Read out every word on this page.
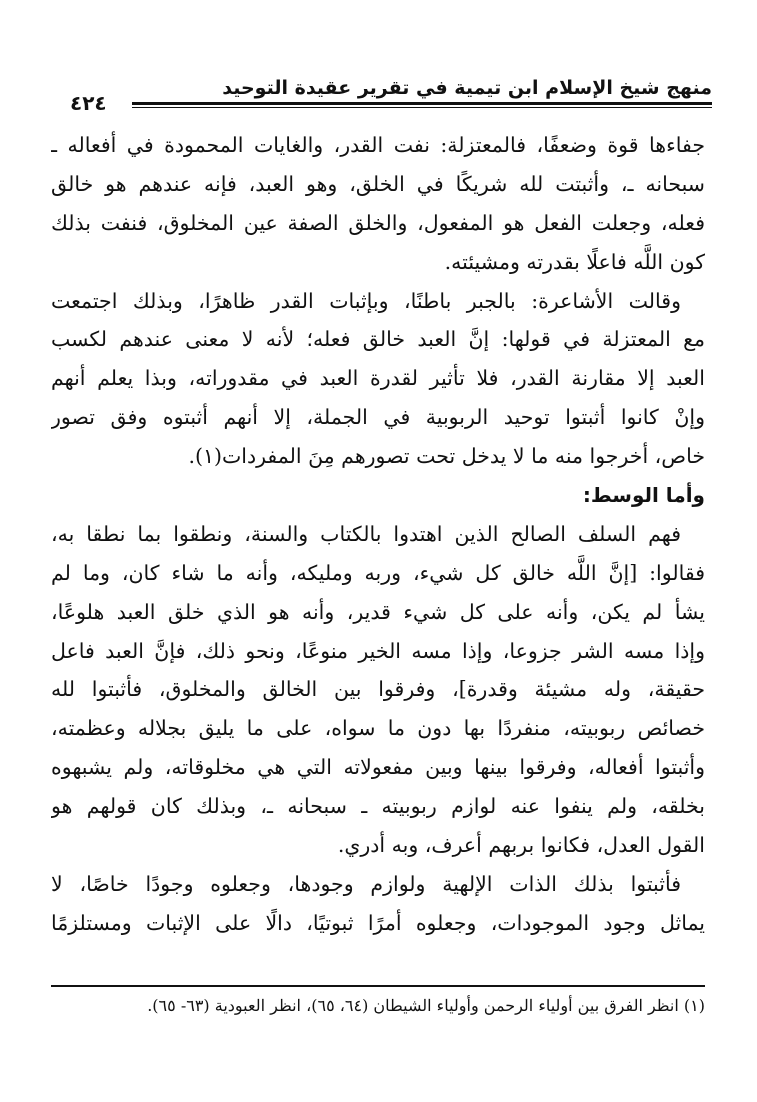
منهج شيخ الإسلام ابن تيمية في تقرير عقيدة التوحيد
٤٢٤
جفاءها قوة وضعفًا، فالمعتزلة: نفت القدر، والغايات المحمودة في أفعاله ـ
سبحانه ـ، وأثبتت لله شريكًا في الخلق، وهو العبد، فإنه عندهم هو خالق
فعله، وجعلت الفعل هو المفعول، والخلق الصفة عين المخلوق، فنفت بذلك
كون اللَّه فاعلًا بقدرته ومشيئته.
وقالت الأشاعرة: بالجبر باطنًا، وبإثبات القدر ظاهرًا، وبذلك اجتمعت
مع المعتزلة في قولها: إنَّ العبد خالق فعله؛ لأنه لا معنى عندهم لكسب
العبد إلا مقارنة القدر، فلا تأثير لقدرة العبد في مقدوراته، وبذا يعلم أنهم
وإنْ كانوا أثبتوا توحيد الربوبية في الجملة، إلا أنهم أثبتوه وفق تصور
خاص، أخرجوا منه ما لا يدخل تحت تصورهم مِنَ المفردات(١).
وأما الوسط:
فهم السلف الصالح الذين اهتدوا بالكتاب والسنة، ونطقوا بما نطقا به،
فقالوا: [إنَّ اللَّه خالق كل شيء، وربه ومليكه، وأنه ما شاء كان، وما لم
يشأ لم يكن، وأنه على كل شيء قدير، وأنه هو الذي خلق العبد هلوعًا،
وإذا مسه الشر جزوعا، وإذا مسه الخير منوعًا، ونحو ذلك، فإنَّ العبد فاعل
حقيقة، وله مشيئة وقدرة]، وفرقوا بين الخالق والمخلوق، فأثبتوا لله
خصائص ربوبيته، منفردًا بها دون ما سواه، على ما يليق بجلاله وعظمته،
وأثبتوا أفعاله، وفرقوا بينها وبين مفعولاته التي هي مخلوقاته، ولم يشبهوه
بخلقه، ولم ينفوا عنه لوازم ربوبيته ـ سبحانه ـ، وبذلك كان قولهم هو
القول العدل، فكانوا بربهم أعرف، وبه أدري.
فأثبتوا بذلك الذات الإلهية ولوازم وجودها، وجعلوه وجودًا خاصًا، لا
يماثل وجود الموجودات، وجعلوه أمرًا ثبوتيًا، دالًا على الإثبات ومستلزمًا
(١) انظر الفرق بين أولياء الرحمن وأولياء الشيطان (٦٤، ٦٥)، انظر العبودية (٦٣- ٦٥).
